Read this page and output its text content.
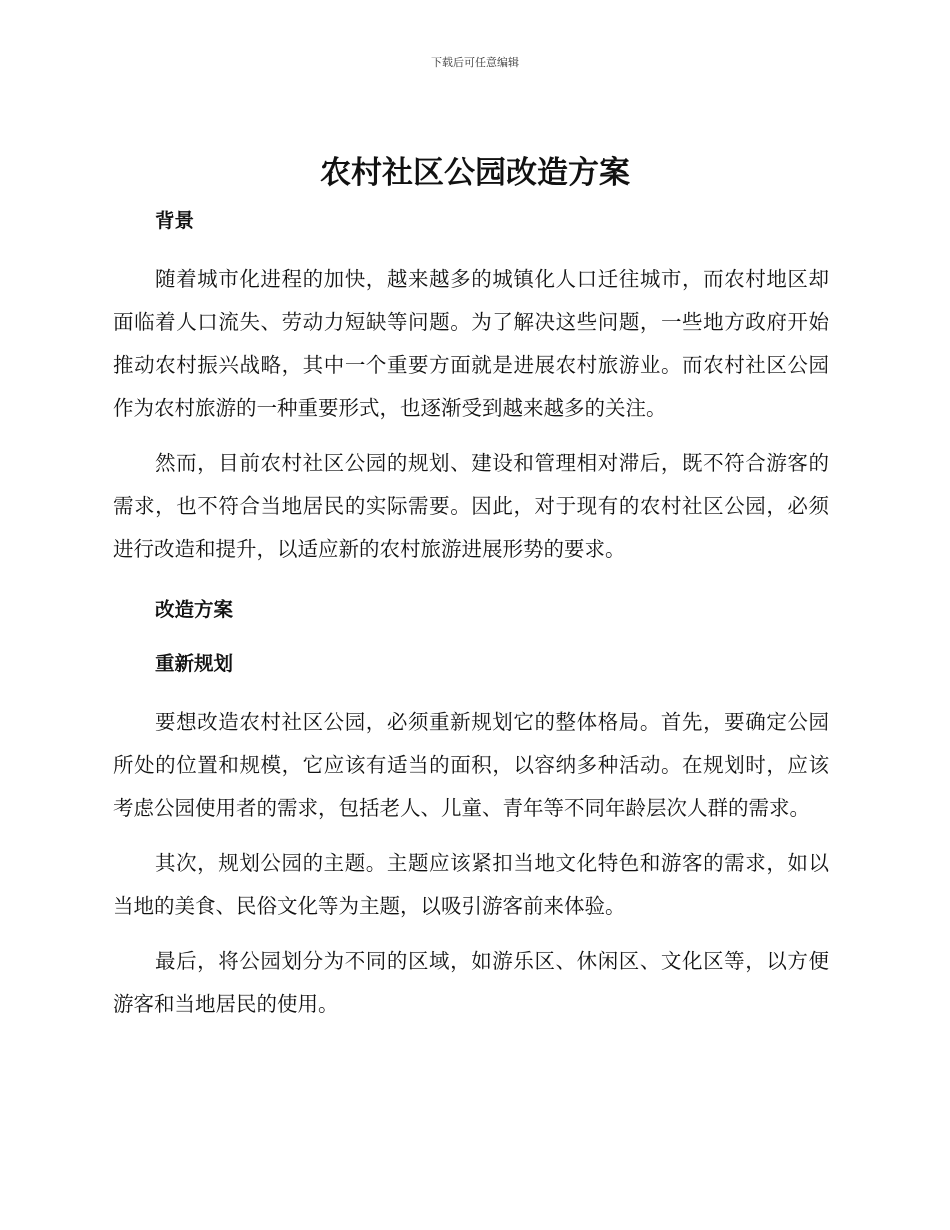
下载后可任意编辑
农村社区公园改造方案
背景

随着城市化进程的加快，越来越多的城镇化人口迁往城市，而农村地区却面临着人口流失、劳动力短缺等问题。为了解决这些问题，一些地方政府开始推动农村振兴战略，其中一个重要方面就是进展农村旅游业。而农村社区公园作为农村旅游的一种重要形式，也逐渐受到越来越多的关注。

然而，目前农村社区公园的规划、建设和管理相对滞后，既不符合游客的需求，也不符合当地居民的实际需要。因此，对于现有的农村社区公园，必须进行改造和提升，以适应新的农村旅游进展形势的要求。

改造方案
重新规划

要想改造农村社区公园，必须重新规划它的整体格局。首先，要确定公园所处的位置和规模，它应该有适当的面积，以容纳多种活动。在规划时，应该考虑公园使用者的需求，包括老人、儿童、青年等不同年龄层次人群的需求。

其次，规划公园的主题。主题应该紧扣当地文化特色和游客的需求，如以当地的美食、民俗文化等为主题，以吸引游客前来体验。

最后，将公园划分为不同的区域，如游乐区、休闲区、文化区等，以方便游客和当地居民的使用。
